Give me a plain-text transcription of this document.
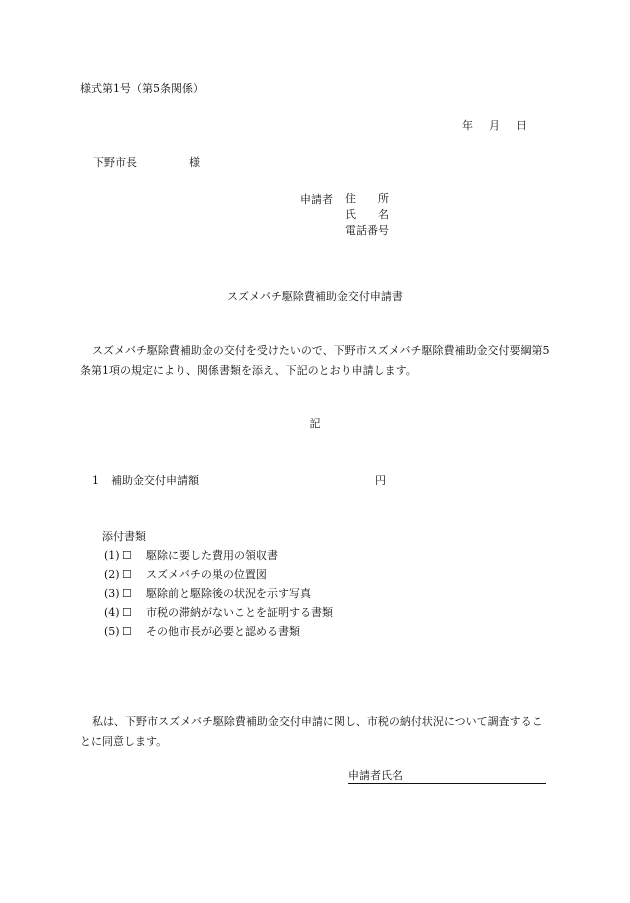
様式第1号（第5条関係）
年 月 日
下野市長	様
申請者 住　　所
氏　　名
電話番号
スズメバチ駆除費補助金交付申請書
スズメバチ駆除費補助金の交付を受けたいので、下野市スズメバチ駆除費補助金交付要綱第5条第1項の規定により、関係書類を添え、下記のとおり申請します。
記
1 補助金交付申請額	円
添付書類
(1) ☐ 駆除に要した費用の領収書
(2) ☐ スズメバチの巣の位置図
(3) ☐ 駆除前と駆除後の状況を示す写真
(4) ☐ 市税の滞納がないことを証明する書類
(5) ☐ その他市長が必要と認める書類
私は、下野市スズメバチ駆除費補助金交付申請に関し、市税の納付状況について調査することに同意します。
申請者氏名
